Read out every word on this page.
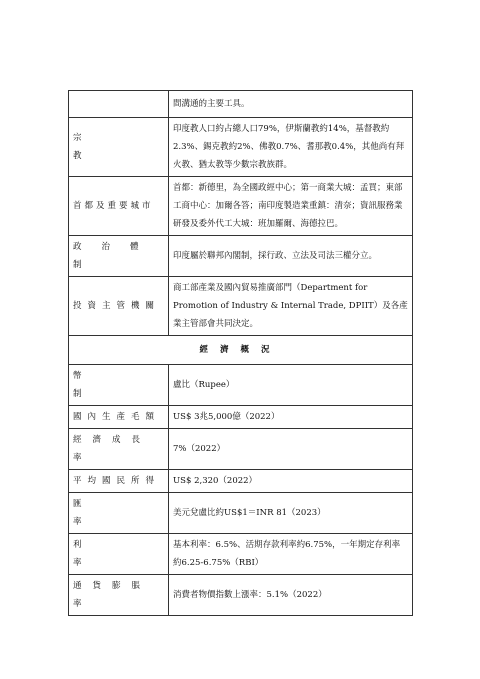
	間溝通的主要工具。

宗教	印度教人口約占總人口79%，伊斯蘭教約14%，基督教約2.3%、錫克教約2%、佛教0.7%、耆那教0.4%，其他尚有拜火教、猶太教等少數宗教族群。

首都及重要城市	首都：新德里，為全國政經中心；第一商業大城：孟買；東部工商中心：加爾各答；南印度製造業重鎮：清奈；資訊服務業研發及委外代工大城：班加羅爾、海德拉巴。

政治體制	印度屬於聯邦內閣制，採行政、立法及司法三權分立。

投資主管機關	商工部產業及國內貿易推廣部門（Department for Promotion of Industry & Internal Trade, DPIIT）及各產業主管部會共同決定。
經濟概況	

幣制	盧比（Rupee）

國內生產毛額	US$ 3兆5,000億（2022）

經濟成長率	7%（2022）

平均國民所得	US$ 2,320（2022）

匯率	美元兌盧比約US$1＝INR 81（2023）

利率	基本利率：6.5%、活期存款利率約6.75%，一年期定存利率約6.25-6.75%（RBI）

通貨膨脹率	消費者物價指數上漲率：5.1%（2022）
